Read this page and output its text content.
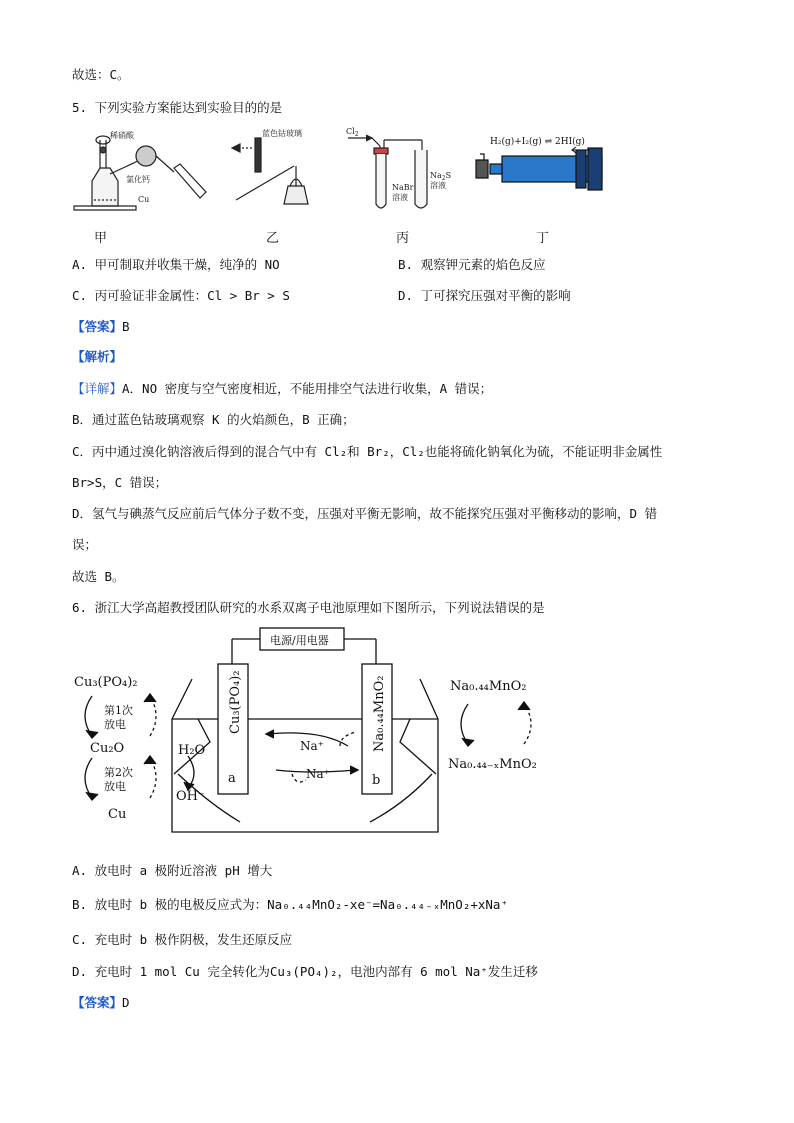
故选：C。
5. 下列实验方案能达到实验目的的是
稀硝酸
氯化钙
Cu
蓝色钴玻璃	$Cl_2$
NaBr
溶液
$Na_2S$
溶液
H₂(g)+I₂(g) ⇌ 2HI(g)
甲	乙	丙	丁
A. 甲可制取并收集干燥，纯净的 NO	B. 观察钾元素的焰色反应
C. 丙可验证非金属性：Cl > Br > S	D. 丁可探究压强对平衡的影响
【答案】B
【解析】
【详解】A．NO 密度与空气密度相近，不能用排空气法进行收集，A 错误；
B．通过蓝色钴玻璃观察 K 的火焰颜色，B 正确；
C．丙中通过溴化钠溶液后得到的混合气中有 Cl₂和 Br₂，Cl₂也能将硫化钠氧化为硫，不能证明非金属性
Br>S，C 错误；
D．氢气与碘蒸气反应前后气体分子数不变，压强对平衡无影响，故不能探究压强对平衡移动的影响，D 错
误；
故选 B。
6. 浙江大学高超教授团队研究的水系双离子电池原理如下图所示，下列说法错误的是
电源/用电器
Cu₃(PO₄)₂
第1次
放电
Cu₂O
第2次
放电
Cu
Cu₃(PO₄)₂	Na₀.₄₄MnO₂
a	b
H₂O
OH⁻
Na⁺
Na⁺
Na₀.₄₄MnO₂
Na₀.₄₄₋ₓMnO₂
A. 放电时 a 极附近溶液 pH 增大
B. 放电时 b 极的电极反应式为：Na₀.₄₄MnO₂-xe⁻=Na₀.₄₄₋ₓMnO₂+xNa⁺
C. 充电时 b 极作阴极，发生还原反应
D. 充电时 1 mol Cu 完全转化为Cu₃(PO₄)₂，电池内部有 6 mol Na⁺发生迁移
【答案】D
